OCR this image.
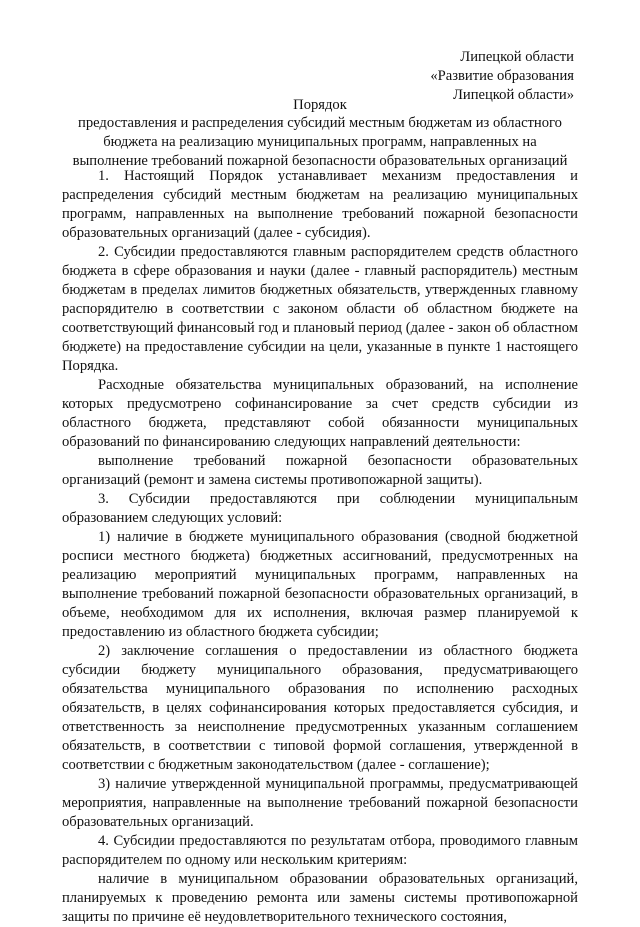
Липецкой области
«Развитие образования
Липецкой области»
Порядок
предоставления и распределения субсидий местным бюджетам из областного
бюджета на реализацию муниципальных программ, направленных на
выполнение требований пожарной безопасности образовательных организаций

1. Настоящий Порядок устанавливает механизм предоставления и распределения субсидий местным бюджетам на реализацию муниципальных программ, направленных на выполнение требований пожарной безопасности образовательных организаций (далее - субсидия).

2. Субсидии предоставляются главным распорядителем средств областного бюджета в сфере образования и науки (далее - главный распорядитель) местным бюджетам в пределах лимитов бюджетных обязательств, утвержденных главному распорядителю в соответствии с законом области об областном бюджете на соответствующий финансовый год и плановый период (далее - закон об областном бюджете) на предоставление субсидии на цели, указанные в пункте 1 настоящего Порядка.

Расходные обязательства муниципальных образований, на исполнение которых предусмотрено софинансирование за счет средств субсидии из областного бюджета, представляют собой обязанности муниципальных образований по финансированию следующих направлений деятельности:

выполнение требований пожарной безопасности образовательных организаций (ремонт и замена системы противопожарной защиты).

3. Субсидии предоставляются при соблюдении муниципальным образованием следующих условий:

1) наличие в бюджете муниципального образования (сводной бюджетной росписи местного бюджета) бюджетных ассигнований, предусмотренных на реализацию мероприятий муниципальных программ, направленных на выполнение требований пожарной безопасности образовательных организаций, в объеме, необходимом для их исполнения, включая размер планируемой к предоставлению из областного бюджета субсидии;

2) заключение соглашения о предоставлении из областного бюджета субсидии бюджету муниципального образования, предусматривающего обязательства муниципального образования по исполнению расходных обязательств, в целях софинансирования которых предоставляется субсидия, и ответственность за неисполнение предусмотренных указанным соглашением обязательств, в соответствии с типовой формой соглашения, утвержденной в соответствии с бюджетным законодательством (далее - соглашение);

3) наличие утвержденной муниципальной программы, предусматривающей мероприятия, направленные на выполнение требований пожарной безопасности образовательных организаций.

4. Субсидии предоставляются по результатам отбора, проводимого главным распорядителем по одному или нескольким критериям:

наличие в муниципальном образовании образовательных организаций, планируемых к проведению ремонта или замены системы противопожарной защиты по причине её неудовлетворительного технического состояния,
